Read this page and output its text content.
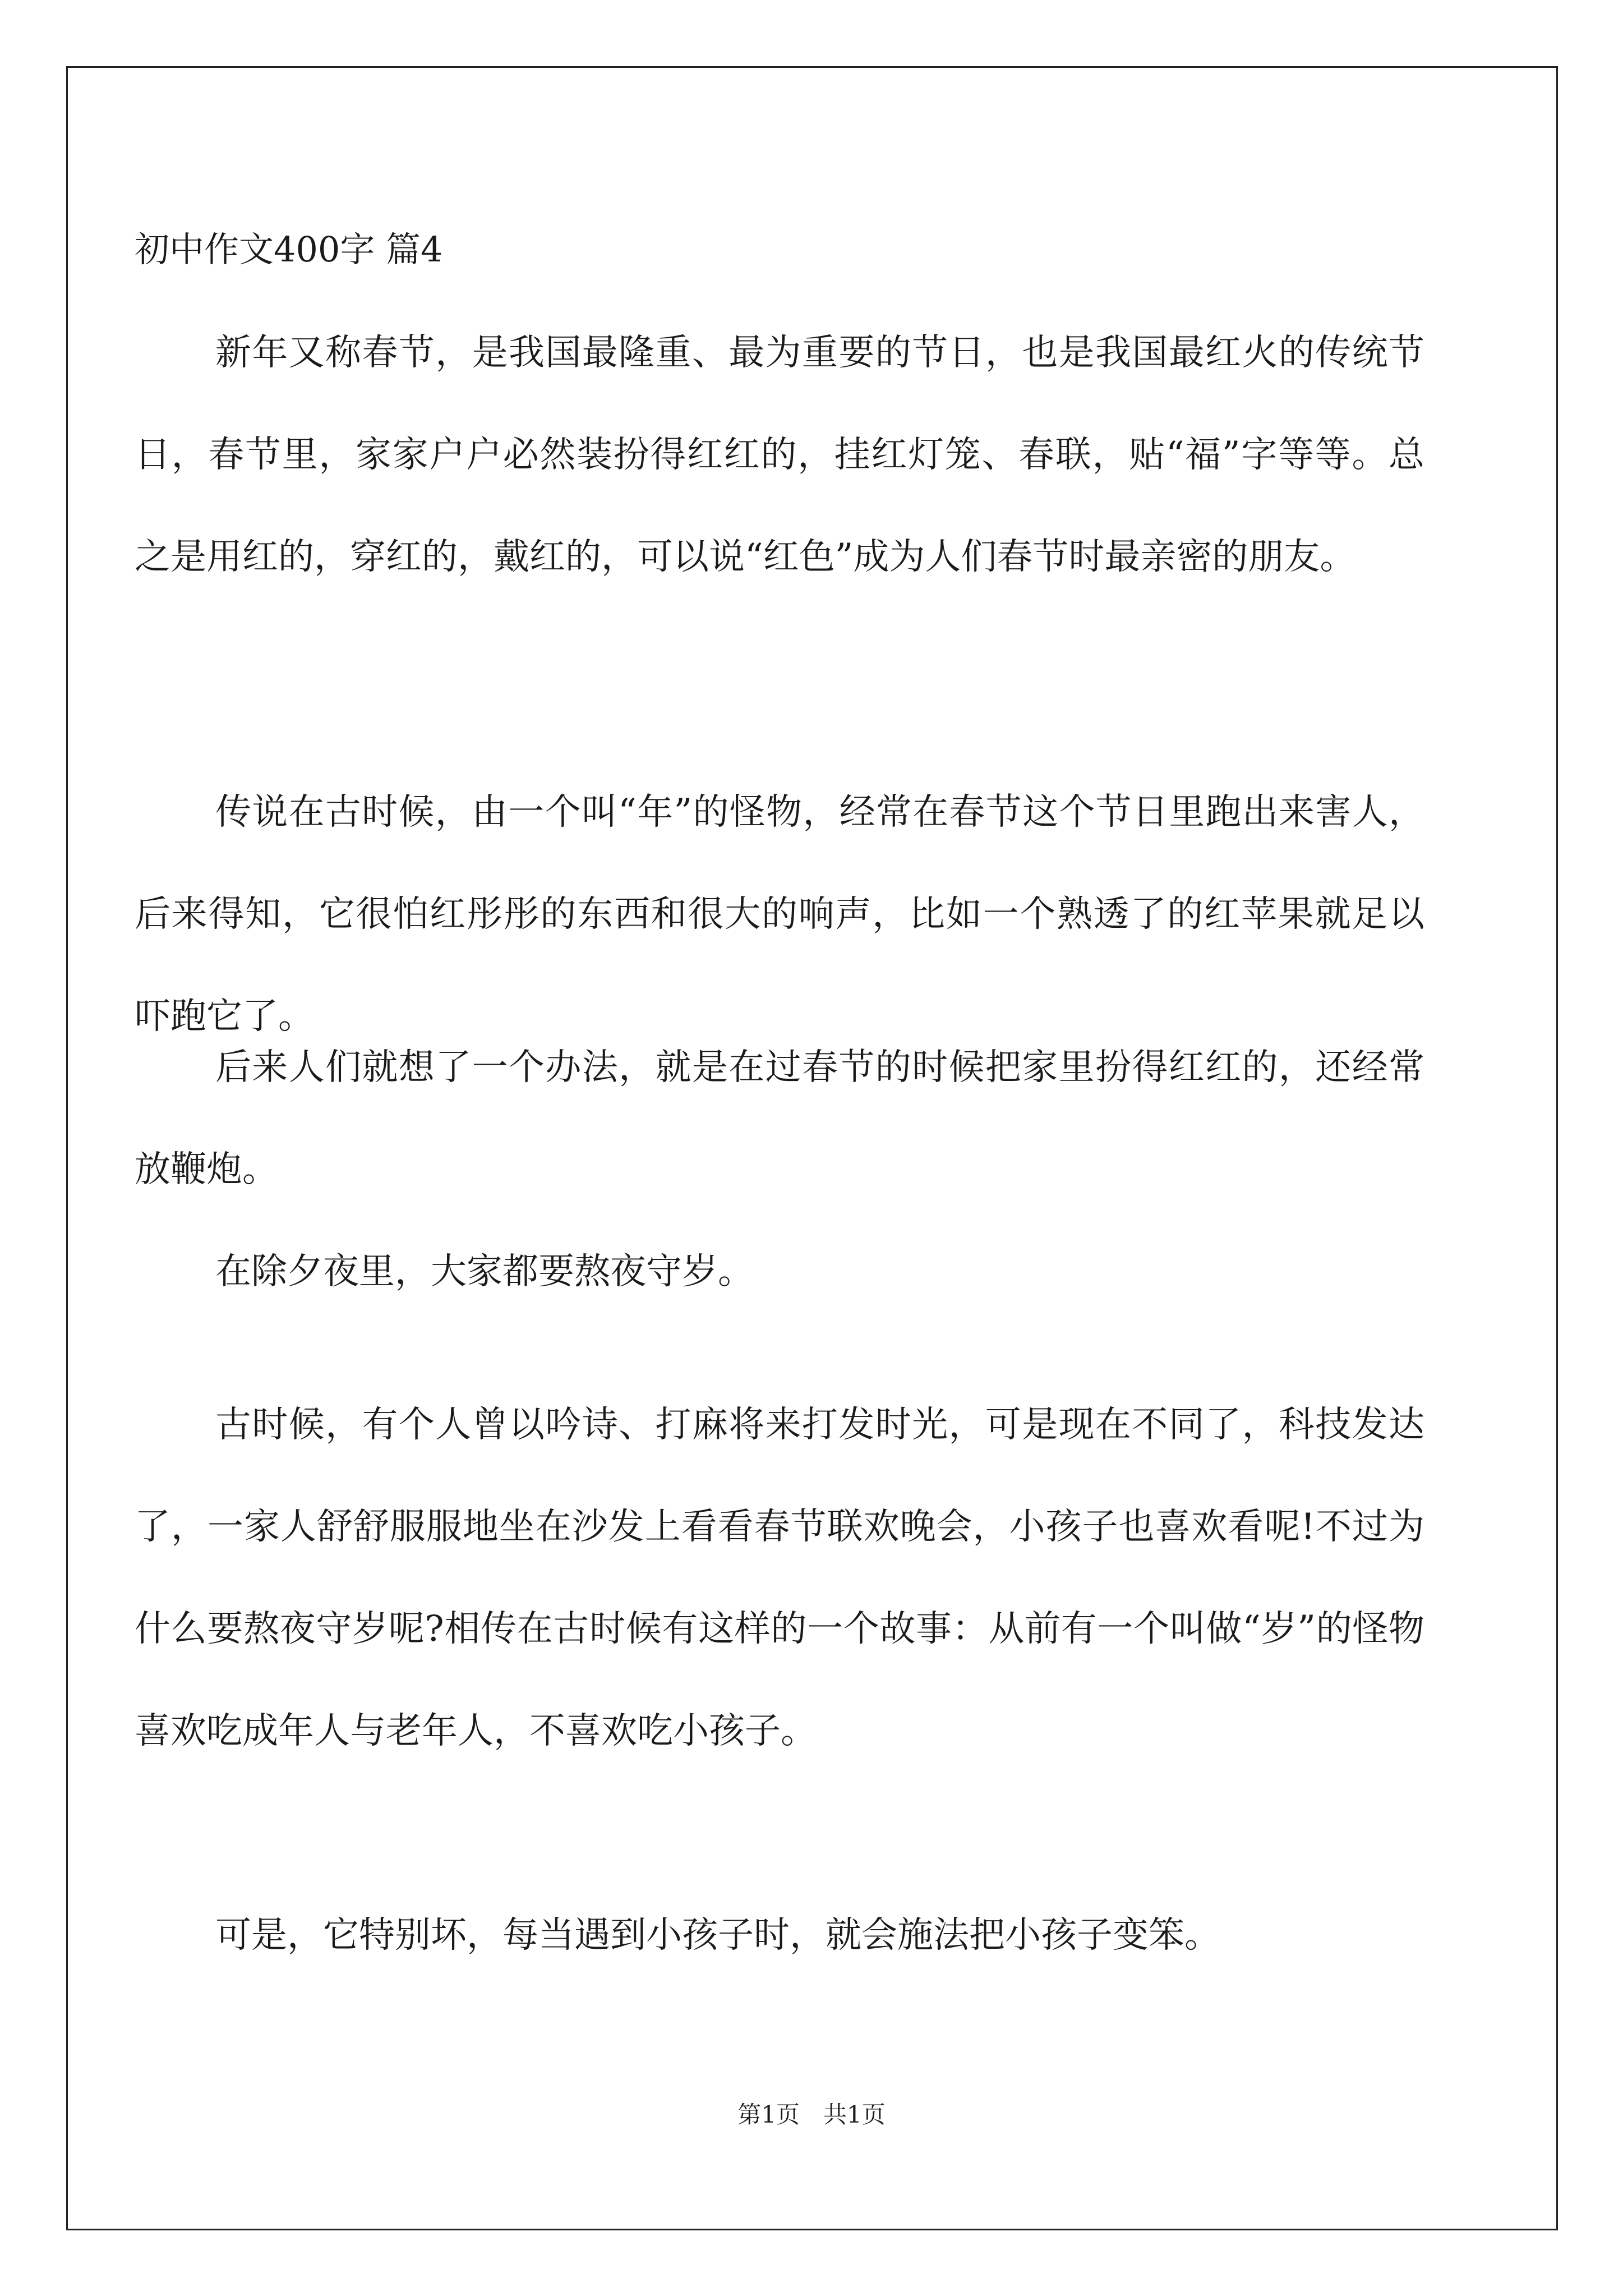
初中作文400字 篇4

新年又称春节，是我国最隆重、最为重要的节日，也是我国最红火的传统节日，春节里，家家户户必然装扮得红红的，挂红灯笼、春联，贴“福”字等等。总之是用红的，穿红的，戴红的，可以说“红色”成为人们春节时最亲密的朋友。

传说在古时候，由一个叫“年”的怪物，经常在春节这个节日里跑出来害人，后来得知，它很怕红彤彤的东西和很大的响声，比如一个熟透了的红苹果就足以吓跑它了。

后来人们就想了一个办法，就是在过春节的时候把家里扮得红红的，还经常放鞭炮。

在除夕夜里，大家都要熬夜守岁。

古时候，有个人曾以吟诗、打麻将来打发时光，可是现在不同了，科技发达了，一家人舒舒服服地坐在沙发上看看春节联欢晚会，小孩子也喜欢看呢!不过为什么要熬夜守岁呢?相传在古时候有这样的一个故事：从前有一个叫做“岁”的怪物喜欢吃成年人与老年人，不喜欢吃小孩子。

可是，它特别坏，每当遇到小孩子时，就会施法把小孩子变笨。

第1页　共1页
